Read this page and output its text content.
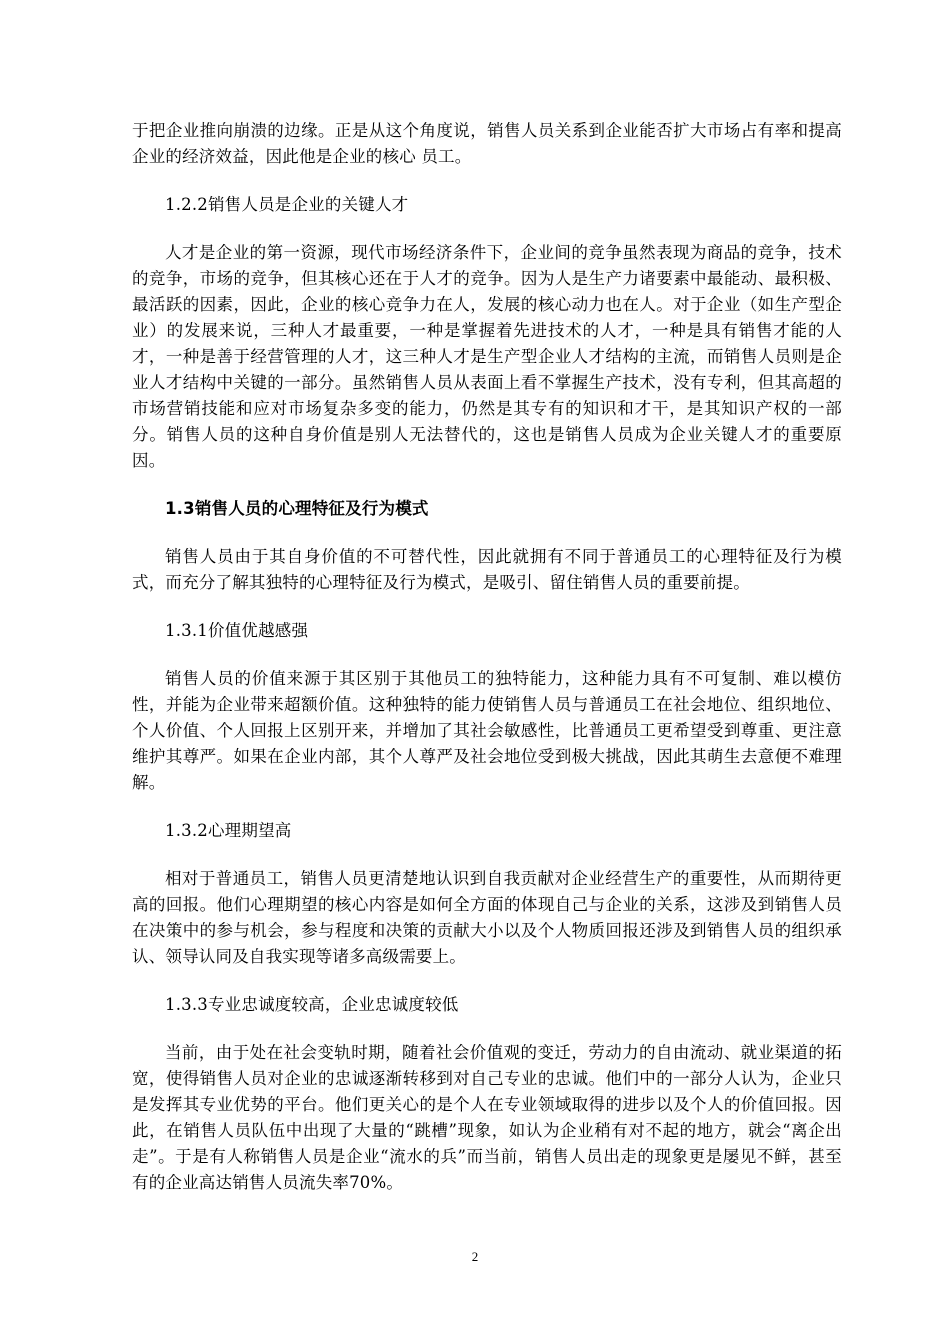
于把企业推向崩溃的边缘。正是从这个角度说，销售人员关系到企业能否扩大市场占有率和提高企业的经济效益，因此他是企业的核心 员工。

1.2.2销售人员是企业的关键人才

人才是企业的第一资源，现代市场经济条件下，企业间的竞争虽然表现为商品的竞争，技术的竞争，市场的竞争，但其核心还在于人才的竞争。因为人是生产力诸要素中最能动、最积极、最活跃的因素，因此，企业的核心竞争力在人，发展的核心动力也在人。对于企业（如生产型企业）的发展来说，三种人才最重要，一种是掌握着先进技术的人才，一种是具有销售才能的人才，一种是善于经营管理的人才，这三种人才是生产型企业人才结构的主流，而销售人员则是企业人才结构中关键的一部分。虽然销售人员从表面上看不掌握生产技术，没有专利，但其高超的市场营销技能和应对市场复杂多变的能力，仍然是其专有的知识和才干，是其知识产权的一部分。销售人员的这种自身价值是别人无法替代的，这也是销售人员成为企业关键人才的重要原因。

1.3销售人员的心理特征及行为模式

销售人员由于其自身价值的不可替代性，因此就拥有不同于普通员工的心理特征及行为模式，而充分了解其独特的心理特征及行为模式，是吸引、留住销售人员的重要前提。

1.3.1价值优越感强

销售人员的价值来源于其区别于其他员工的独特能力，这种能力具有不可复制、难以模仿性，并能为企业带来超额价值。这种独特的能力使销售人员与普通员工在社会地位、组织地位、个人价值、个人回报上区别开来，并增加了其社会敏感性，比普通员工更希望受到尊重、更注意维护其尊严。如果在企业内部，其个人尊严及社会地位受到极大挑战，因此其萌生去意便不难理解。

1.3.2心理期望高

相对于普通员工，销售人员更清楚地认识到自我贡献对企业经营生产的重要性，从而期待更高的回报。他们心理期望的核心内容是如何全方面的体现自己与企业的关系，这涉及到销售人员在决策中的参与机会，参与程度和决策的贡献大小以及个人物质回报还涉及到销售人员的组织承认、领导认同及自我实现等诸多高级需要上。

1.3.3专业忠诚度较高，企业忠诚度较低

当前，由于处在社会变轨时期，随着社会价值观的变迁，劳动力的自由流动、就业渠道的拓宽，使得销售人员对企业的忠诚逐渐转移到对自己专业的忠诚。他们中的一部分人认为，企业只是发挥其专业优势的平台。他们更关心的是个人在专业领域取得的进步以及个人的价值回报。因此，在销售人员队伍中出现了大量的“跳槽”现象，如认为企业稍有对不起的地方，就会“离企出走”。于是有人称销售人员是企业“流水的兵”而当前，销售人员出走的现象更是屡见不鲜，甚至有的企业高达销售人员流失率70%。

2
